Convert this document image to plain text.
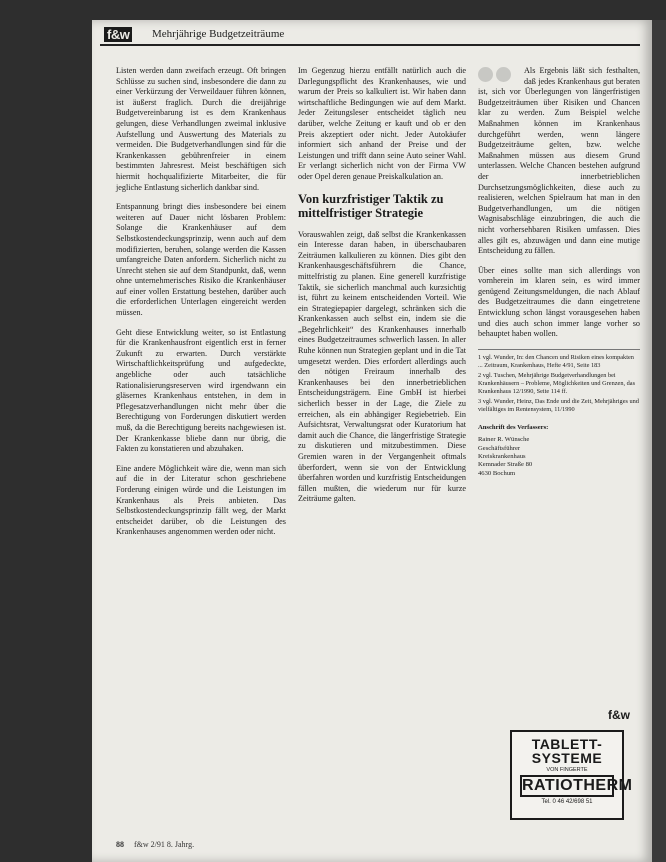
f&w Mehrjährige Budgetzeiträume

Listen werden dann zweifach erzeugt. Oft bringen Schlüsse zu suchen sind, insbesondere die dann zu einer Verkürzung der Verweildauer führen können, ist äußerst fraglich. Durch die dreijährige Budgetvereinbarung ist es dem Krankenhaus gelungen, diese Verhandlungen zweimal inklusive Aufstellung und Auswertung des Materials zu vermeiden. Die Budgetverhandlungen sind für die Krankenkassen gebührenfreier in einem bestimmten Jahresrest. Meist beschäftigen sich hiermit hochqualifizierte Mitarbeiter, die für jegliche Entlastung sicherlich dankbar sind.

Entspannung bringt dies insbesondere bei einem weiteren auf Dauer nicht lösbaren Problem: Solange die Krankenhäuser auf dem Selbstkostendeckungsprinzip, wenn auch auf dem modifizierten, beruhen, solange werden die Kassen umfangreiche Daten anfordern. Sicherlich nicht zu Unrecht stehen sie auf dem Standpunkt, daß, wenn ohne unternehmerisches Risiko die Krankenhäuser auf einer vollen Erstattung bestehen, darüber auch die erforderlichen Unterlagen eingereicht werden müssen.

Geht diese Entwicklung weiter, so ist Entlastung für die Krankenhausfront eigentlich erst in ferner Zukunft zu erwarten. Durch verstärkte Wirtschaftlichkeitsprüfung und aufgedeckte, angebliche oder auch tatsächliche Rationalisierungsreserven wird irgendwann ein gläsernes Krankenhaus entstehen, in dem in Pflegesatzverhandlungen nicht mehr über die Berechtigung von Forderungen diskutiert werden muß, da die Berechtigung bereits nachgewiesen ist. Der Krankenkasse bliebe dann nur übrig, die Fakten zu konstatieren und abzuhaken.

Eine andere Möglichkeit wäre die, wenn man sich auf die in der Literatur schon geschriebene Forderung einigen würde und die Leistungen im Krankenhaus als Preis anbieten. Das Selbstkostendeckungsprinzip fällt weg, der Markt entscheidet darüber, ob die Leistungen des Krankenhauses angenommen werden oder nicht.

Im Gegenzug hierzu entfällt natürlich auch die Darlegungspflicht des Krankenhauses, wie und warum der Preis so kalkuliert ist. Wir haben dann wirtschaftliche Bedingungen wie auf dem Markt. Jeder Zeitungsleser entscheidet täglich neu darüber, welche Zeitung er kauft und ob er den Preis akzeptiert oder nicht. Jeder Autokäufer informiert sich anhand der Preise und der Leistungen und trifft dann seine Auto seiner Wahl. Er verlangt sicherlich nicht von der Firma VW oder Opel deren genaue Preiskalkulation an.

Von kurzfristiger Taktik zu mittelfristiger Strategie

Vorauswahlen zeigt, daß selbst die Krankenkassen ein Interesse daran haben, in überschaubaren Zeiträumen kalkulieren zu können. Dies gibt den Krankenhausgeschäftsführern die Chance, mittelfristig zu planen. Eine generell kurzfristige Taktik, sie sicherlich manchmal auch kurzsichtig ist, führt zu keinem entscheidenden Vorteil. Wie ein Strategiepapier dargelegt, schränken sich die Krankenkassen auch selbst ein, indem sie die „Begehrlichkeit“ des Krankenhauses innerhalb eines Budgetzeitraumes schwerlich lassen. In aller Ruhe können nun Strategien geplant und in die Tat umgesetzt werden. Dies erfordert allerdings auch den nötigen Freiraum innerhalb des Krankenhauses bei den innerbetrieblichen Entscheidungsträgern. Eine GmbH ist hierbei sicherlich besser in der Lage, die Ziele zu erreichen, als ein abhängiger Regiebetrieb. Ein Aufsichtsrat, Verwaltungsrat oder Kuratorium hat damit auch die Chance, die längerfristige Strategie zu diskutieren und mitzubestimmen. Diese Gremien waren in der Vergangenheit oftmals überfordert, wenn sie von der Entwicklung überfahren worden und kurzfristig Entscheidungen fällen mußten, die wiederum nur für kurze Zeiträume galten.

Als Ergebnis läßt sich festhalten, daß jedes Krankenhaus gut beraten ist, sich vor Überlegungen von längerfristigen Budgetzeiträumen über Risiken und Chancen klar zu werden. Zum Beispiel welche Maßnahmen können im Krankenhaus durchgeführt werden, wenn längere Budgetzeiträume gelten, bzw. welche Maßnahmen müssen aus diesem Grund unterlassen. Welche Chancen bestehen aufgrund der innerbetrieblichen Durchsetzungsmöglichkeiten, diese auch zu realisieren, welchen Spielraum hat man in den Budgetverhandlungen, um die nötigen Wagnisabschläge einzubringen, die auch die nicht vorhersehbaren Risiken umfassen. Dies alles gilt es, abzuwägen und dann eine mutige Entscheidung zu fällen.

Über eines sollte man sich allerdings von vornherein im klaren sein, es wird immer genügend Zeitungsmeldungen, die nach Ablauf des Budgetzeitraumes die dann eingetretene Entwicklung schon längst vorausgesehen haben und dies auch schon immer lange vorher so behauptet haben wollen.

1 vgl. Wunder, In: den Chancen und Risiken eines kompakten ... Zeitraum, Krankenhaus, Hefte 4/91, Seite 183
2 vgl. Tuschen, Mehrjährige Budgetverhandlungen bei Krankenhäusern – Probleme, Möglichkeiten und Grenzen, das Krankenhaus 12/1990, Seite 114 ff.
3 vgl. Wunder, Heinz, Das Ende und die Zeit, Mehrjähriges und vielfältiges im Rentensystem, 11/1990
Anschrift des Verfassers:
Rainer R. Wünsche
Geschäftsführer
Kreiskrankenhaus
Kemnader Straße 80
4630 Bochum
f&w
TABLETT-
SYSTEME
VON FINGERTE
RATIOTHERM
Tel. 0 46 42/698 51
88 f&w 2/91 8. Jahrg.
